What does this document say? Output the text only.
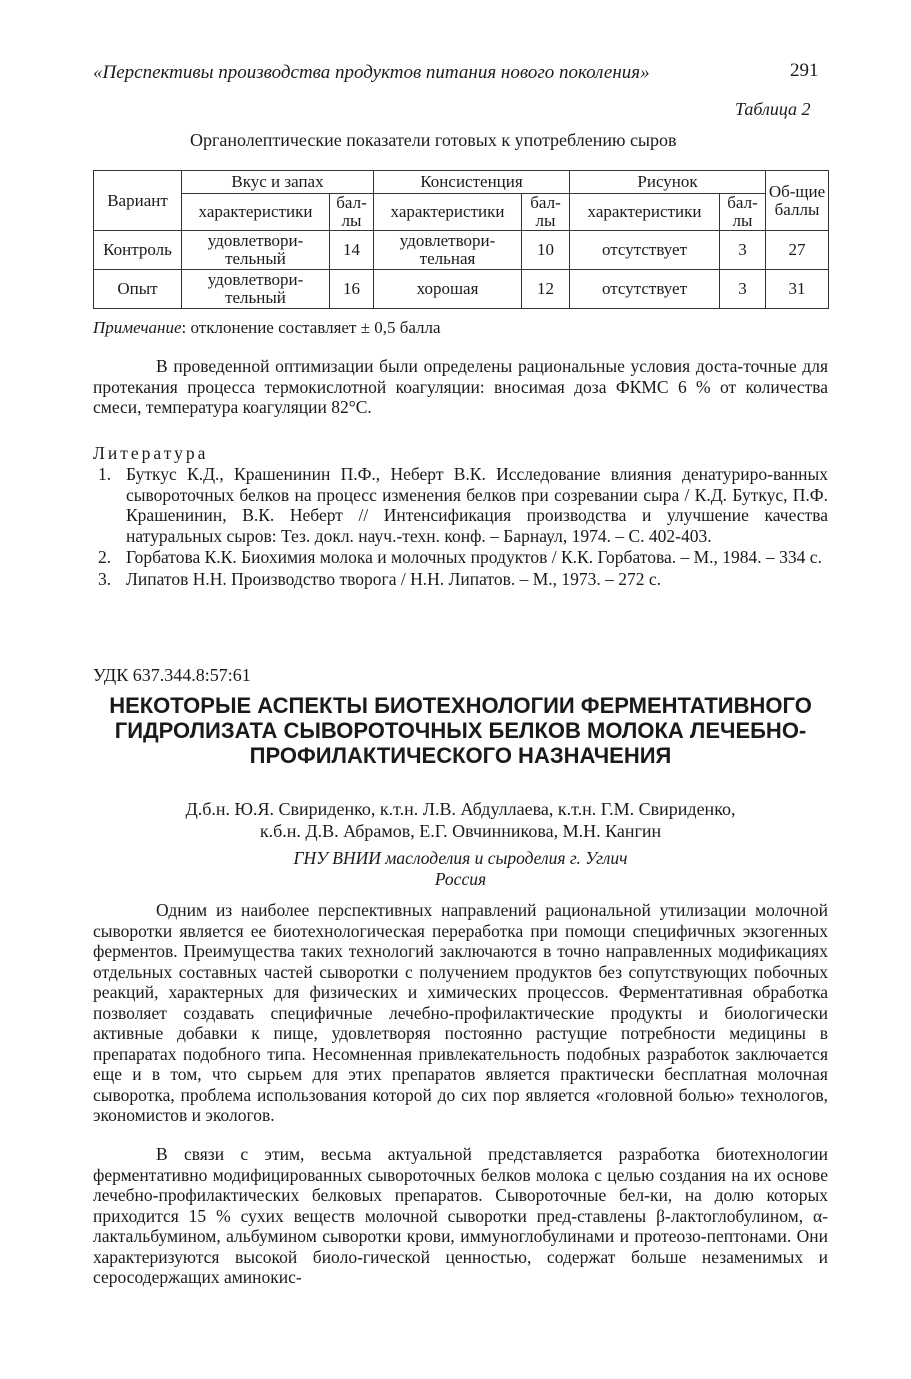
«Перспективы производства продуктов питания нового поколения»	291
Таблица 2
Органолептические показатели готовых к употреблению сыров
Вариант	Вкус и запах		Консистенция		Рисунок		Об-щие баллы
	характеристики	бал-лы	характеристики	бал-лы	характеристики	бал-лы	
Контроль	удовлетвори-тельный	14	удовлетвори-тельная	10	отсутствует	3	27
Опыт	удовлетвори-тельный	16	хорошая	12	отсутствует	3	31
Примечание: отклонение составляет ± 0,5 балла
В проведенной оптимизации были определены рациональные условия доста-точные для протекания процесса термокислотной коагуляции: вносимая доза ФКМС 6 % от количества смеси, температура коагуляции 82°С.
Литература
1. Буткус К.Д., Крашенинин П.Ф., Неберт В.К. Исследование влияния денатуриро-ванных сывороточных белков на процесс изменения белков при созревании сыра / К.Д. Буткус, П.Ф. Крашенинин, В.К. Неберт // Интенсификация производства и улучшение качества натуральных сыров: Тез. докл. науч.-техн. конф. – Барнаул, 1974. – С. 402-403.
2. Горбатова К.К. Биохимия молока и молочных продуктов / К.К. Горбатова. – М., 1984. – 334 с.
3. Липатов Н.Н. Производство творога / Н.Н. Липатов. – М., 1973. – 272 с.
УДК 637.344.8:57:61
НЕКОТОРЫЕ АСПЕКТЫ БИОТЕХНОЛОГИИ ФЕРМЕНТАТИВНОГО ГИДРОЛИЗАТА СЫВОРОТОЧНЫХ БЕЛКОВ МОЛОКА ЛЕЧЕБНО-ПРОФИЛАКТИЧЕСКОГО НАЗНАЧЕНИЯ
Д.б.н. Ю.Я. Свириденко, к.т.н. Л.В. Абдуллаева, к.т.н. Г.М. Свириденко,
к.б.н. Д.В. Абрамов, Е.Г. Овчинникова, М.Н. Кангин
ГНУ ВНИИ маслоделия и сыроделия г. Углич
Россия
Одним из наиболее перспективных направлений рациональной утилизации молочной сыворотки является ее биотехнологическая переработка при помощи специфичных экзогенных ферментов. Преимущества таких технологий заключаются в точно направленных модификациях отдельных составных частей сыворотки с получением продуктов без сопутствующих побочных реакций, характерных для физических и химических процессов. Ферментативная обработка позволяет создавать специфичные лечебно-профилактические продукты и биологически активные добавки к пище, удовлетворяя постоянно растущие потребности медицины в препаратах подобного типа. Несомненная привлекательность подобных разработок заключается еще и в том, что сырьем для этих препаратов является практически бесплатная молочная сыворотка, проблема использования которой до сих пор является «головной болью» технологов, экономистов и экологов.
В связи с этим, весьма актуальной представляется разработка биотехнологии ферментативно модифицированных сывороточных белков молока с целью создания на их основе лечебно-профилактических белковых препаратов. Сывороточные бел-ки, на долю которых приходится 15 % сухих веществ молочной сыворотки пред-ставлены β-лактоглобулином, α-лактальбумином, альбумином сыворотки крови, иммуноглобулинами и протеозо-пептонами. Они характеризуются высокой биоло-гической ценностью, содержат больше незаменимых и серосодержащих аминокис-
